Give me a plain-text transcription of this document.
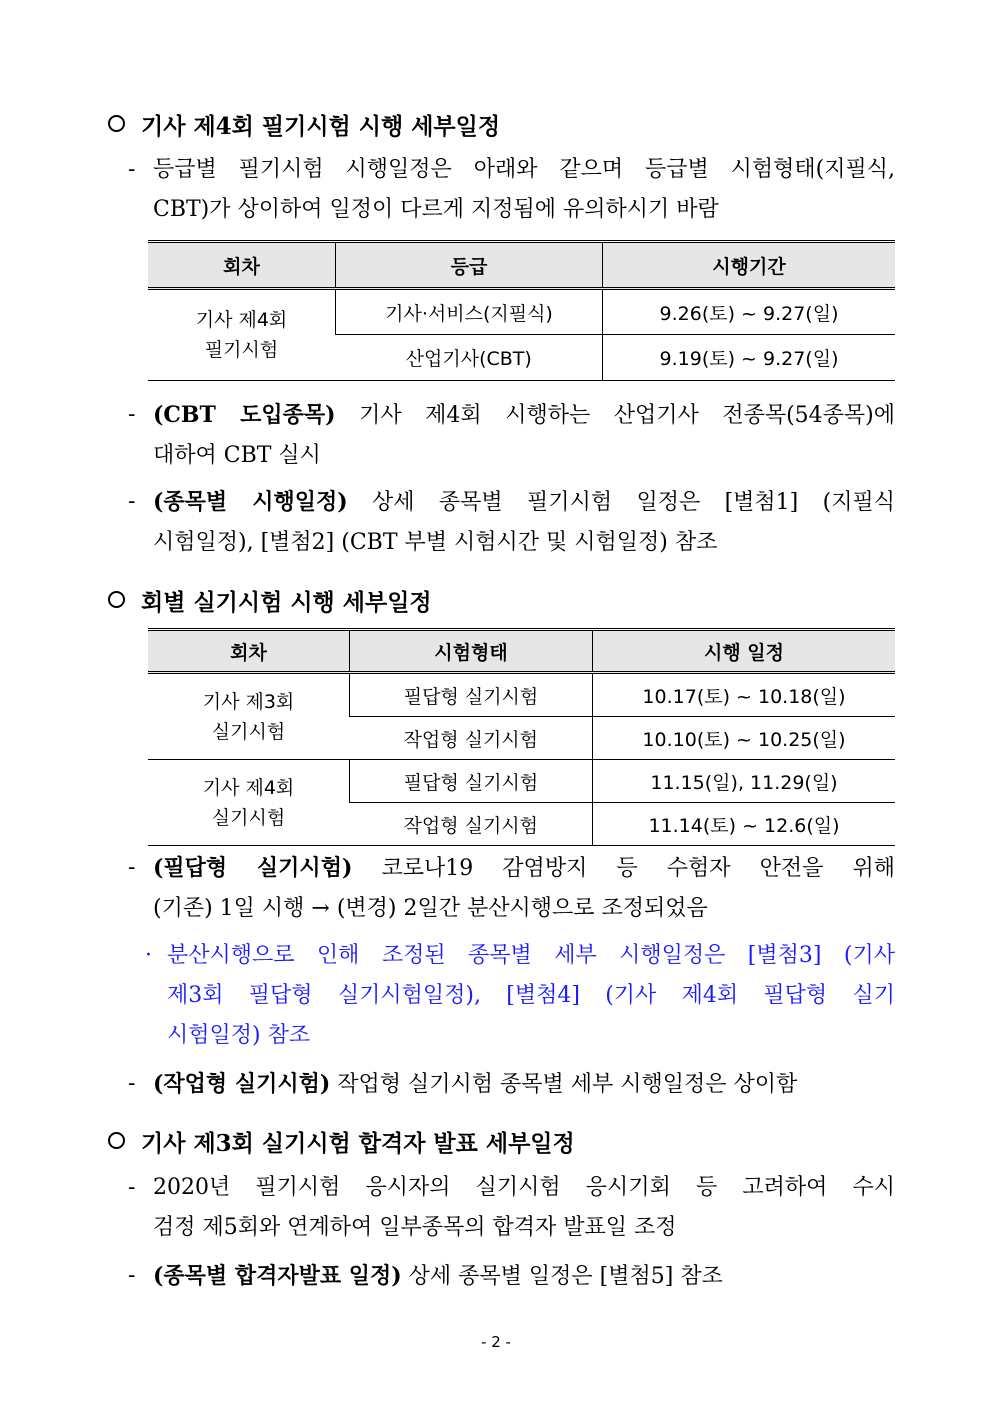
기사 제4회 필기시험 시행 세부일정
- 등급별 필기시험 시행일정은 아래와 같으며 등급별 시험형태(지필식,
CBT)가 상이하여 일정이 다르게 지정됨에 유의하시기 바람
회차	등급	시행기간

기사 제4회
필기시험	기사·서비스(지필식)	9.26(토) ~ 9.27(일)
	산업기사(CBT)	9.19(토) ~ 9.27(일)
- (CBT 도입종목) 기사 제4회 시행하는 산업기사 전종목(54종목)에
대하여 CBT 실시
- (종목별 시행일정) 상세 종목별 필기시험 일정은 [별첨1] (지필식
시험일정), [별첨2] (CBT 부별 시험시간 및 시험일정) 참조
회별 실기시험 시행 세부일정
회차	시험형태	시행 일정

기사 제3회
실기시험	필답형 실기시험	10.17(토) ~ 10.18(일)
	작업형 실기시험	10.10(토) ~ 10.25(일)

기사 제4회
실기시험	필답형 실기시험	11.15(일), 11.29(일)
	작업형 실기시험	11.14(토) ~ 12.6(일)
- (필답형 실기시험) 코로나19 감염방지 등 수험자 안전을 위해
(기존) 1일 시행 → (변경) 2일간 분산시행으로 조정되었음
· 분산시행으로 인해 조정된 종목별 세부 시행일정은 [별첨3] (기사
제3회 필답형 실기시험일정), [별첨4] (기사 제4회 필답형 실기
시험일정) 참조
- (작업형 실기시험) 작업형 실기시험 종목별 세부 시행일정은 상이함
기사 제3회 실기시험 합격자 발표 세부일정
- 2020년 필기시험 응시자의 실기시험 응시기회 등 고려하여 수시
검정 제5회와 연계하여 일부종목의 합격자 발표일 조정
- (종목별 합격자발표 일정) 상세 종목별 일정은 [별첨5] 참조
- 2 -
